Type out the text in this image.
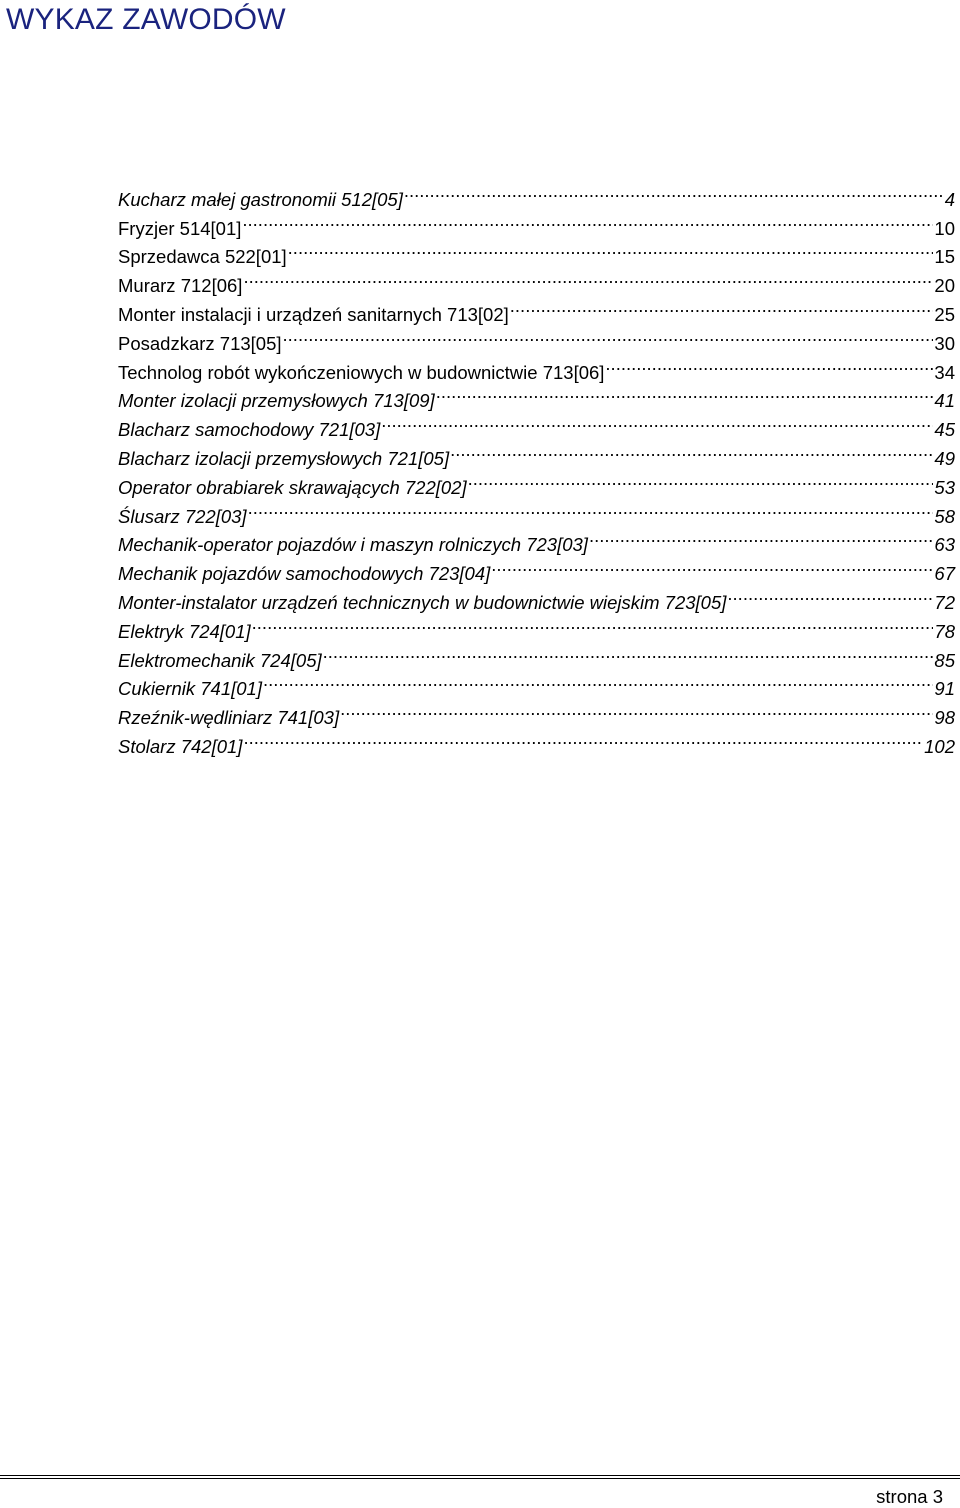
WYKAZ ZAWODÓW
Kucharz małej gastronomii 512[05] .....	4
Fryzjer 514[01] .....	10
Sprzedawca 522[01] .....	15
Murarz 712[06] .....	20
Monter instalacji i urządzeń sanitarnych 713[02] .....	25
Posadzkarz 713[05] .....	30
Technolog robót wykończeniowych w budownictwie 713[06] .....	34
Monter izolacji przemysłowych 713[09] .....	41
Blacharz samochodowy 721[03] .....	45
Blacharz izolacji przemysłowych 721[05] .....	49
Operator obrabiarek skrawających 722[02] .....	53
Ślusarz 722[03] .....	58
Mechanik-operator pojazdów i maszyn rolniczych 723[03] .....	63
Mechanik pojazdów samochodowych 723[04] .....	67
Monter-instalator urządzeń technicznych w budownictwie wiejskim 723[05] .....	72
Elektryk 724[01] .....	78
Elektromechanik 724[05] .....	85
Cukiernik 741[01] .....	91
Rzeźnik-wędliniarz 741[03] .....	98
Stolarz 742[01] .....	102
strona 3
